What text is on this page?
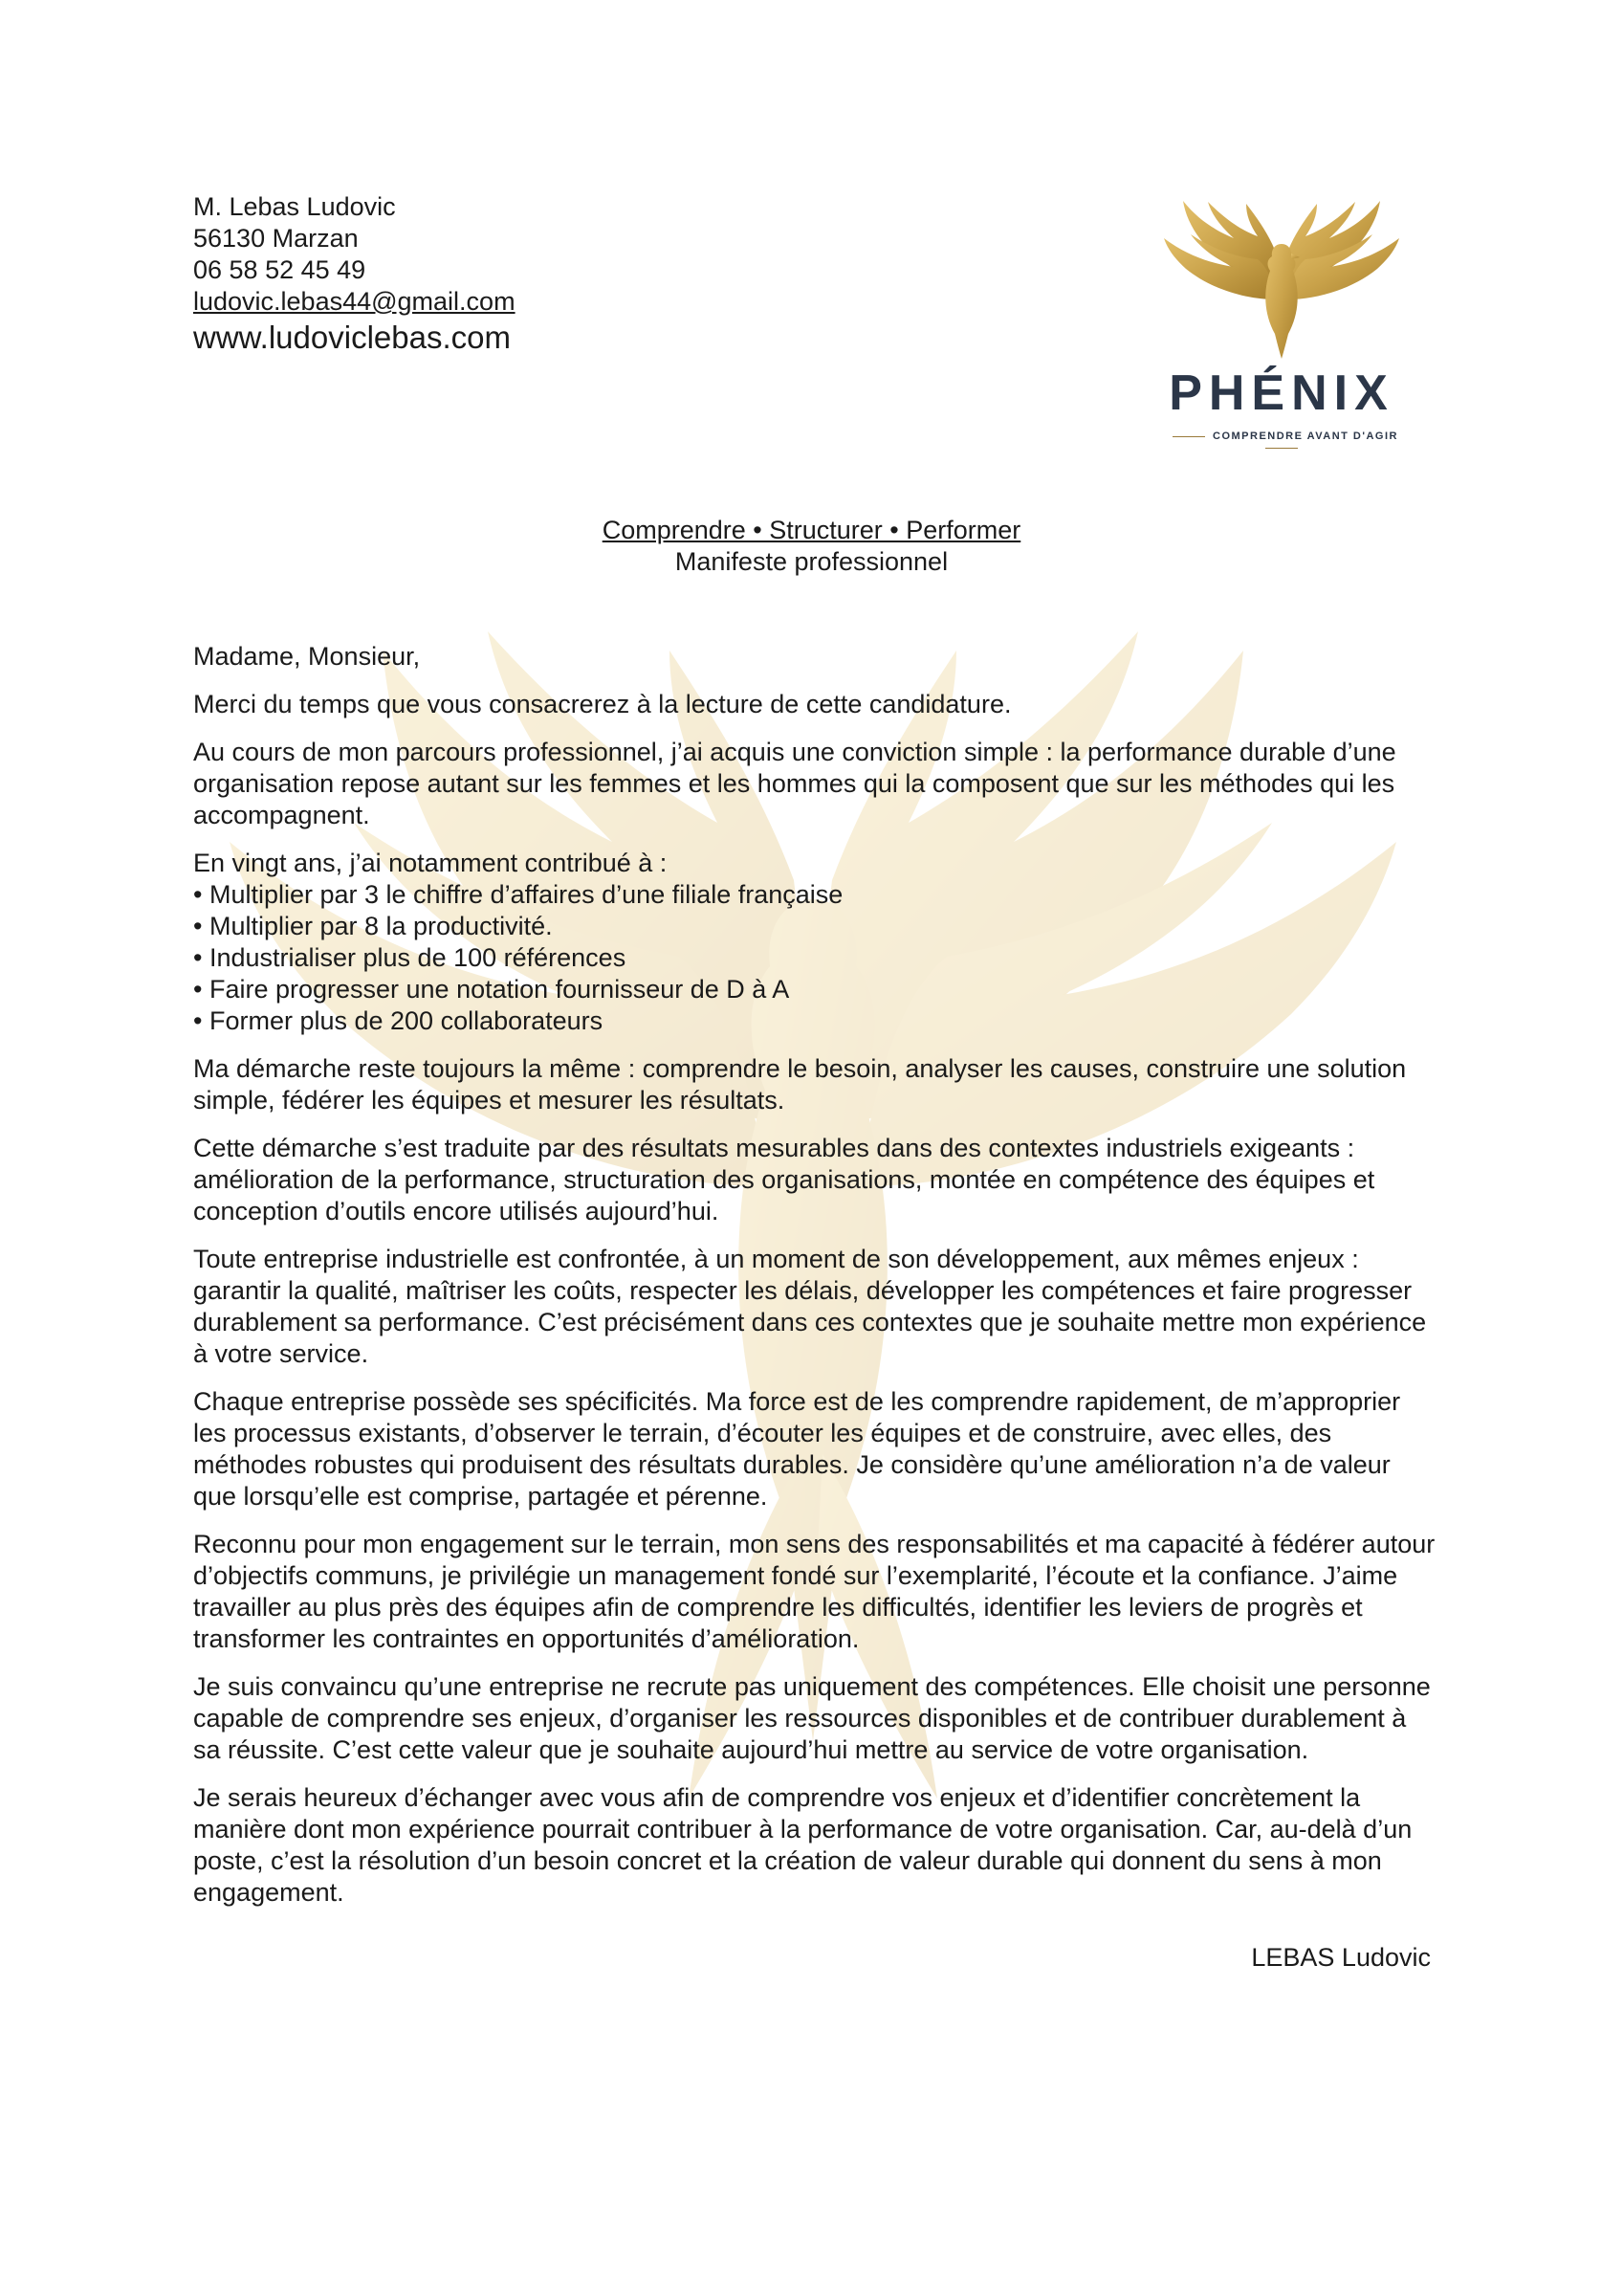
M. Lebas Ludovic
56130 Marzan
06 58 52 45 49
ludovic.lebas44@gmail.com
www.ludoviclebas.com
PHÉNIX
COMPRENDRE AVANT D'AGIR
Comprendre • Structurer • Performer
Manifeste professionnel

Madame, Monsieur,

Merci du temps que vous consacrerez à la lecture de cette candidature.

Au cours de mon parcours professionnel, j’ai acquis une conviction simple : la performance durable d’une organisation repose autant sur les femmes et les hommes qui la composent que sur les méthodes qui les accompagnent.

En vingt ans, j’ai notamment contribué à :
• Multiplier par 3 le chiffre d’affaires d’une filiale française
• Multiplier par 8 la productivité.
• Industrialiser plus de 100 références
• Faire progresser une notation fournisseur de D à A
• Former plus de 200 collaborateurs

Ma démarche reste toujours la même : comprendre le besoin, analyser les causes, construire une solution simple, fédérer les équipes et mesurer les résultats.

Cette démarche s’est traduite par des résultats mesurables dans des contextes industriels exigeants : amélioration de la performance, structuration des organisations, montée en compétence des équipes et conception d’outils encore utilisés aujourd’hui.

Toute entreprise industrielle est confrontée, à un moment de son développement, aux mêmes enjeux : garantir la qualité, maîtriser les coûts, respecter les délais, développer les compétences et faire progresser durablement sa performance. C’est précisément dans ces contextes que je souhaite mettre mon expérience à votre service.

Chaque entreprise possède ses spécificités. Ma force est de les comprendre rapidement, de m’approprier les processus existants, d’observer le terrain, d’écouter les équipes et de construire, avec elles, des méthodes robustes qui produisent des résultats durables. Je considère qu’une amélioration n’a de valeur que lorsqu’elle est comprise, partagée et pérenne.

Reconnu pour mon engagement sur le terrain, mon sens des responsabilités et ma capacité à fédérer autour d’objectifs communs, je privilégie un management fondé sur l’exemplarité, l’écoute et la confiance. J’aime travailler au plus près des équipes afin de comprendre les difficultés, identifier les leviers de progrès et transformer les contraintes en opportunités d’amélioration.

Je suis convaincu qu’une entreprise ne recrute pas uniquement des compétences. Elle choisit une personne capable de comprendre ses enjeux, d’organiser les ressources disponibles et de contribuer durablement à sa réussite. C’est cette valeur que je souhaite aujourd’hui mettre au service de votre organisation.

Je serais heureux d’échanger avec vous afin de comprendre vos enjeux et d’identifier concrètement la manière dont mon expérience pourrait contribuer à la performance de votre organisation. Car, au-delà d’un poste, c’est la résolution d’un besoin concret et la création de valeur durable qui donnent du sens à mon engagement.

LEBAS Ludovic
